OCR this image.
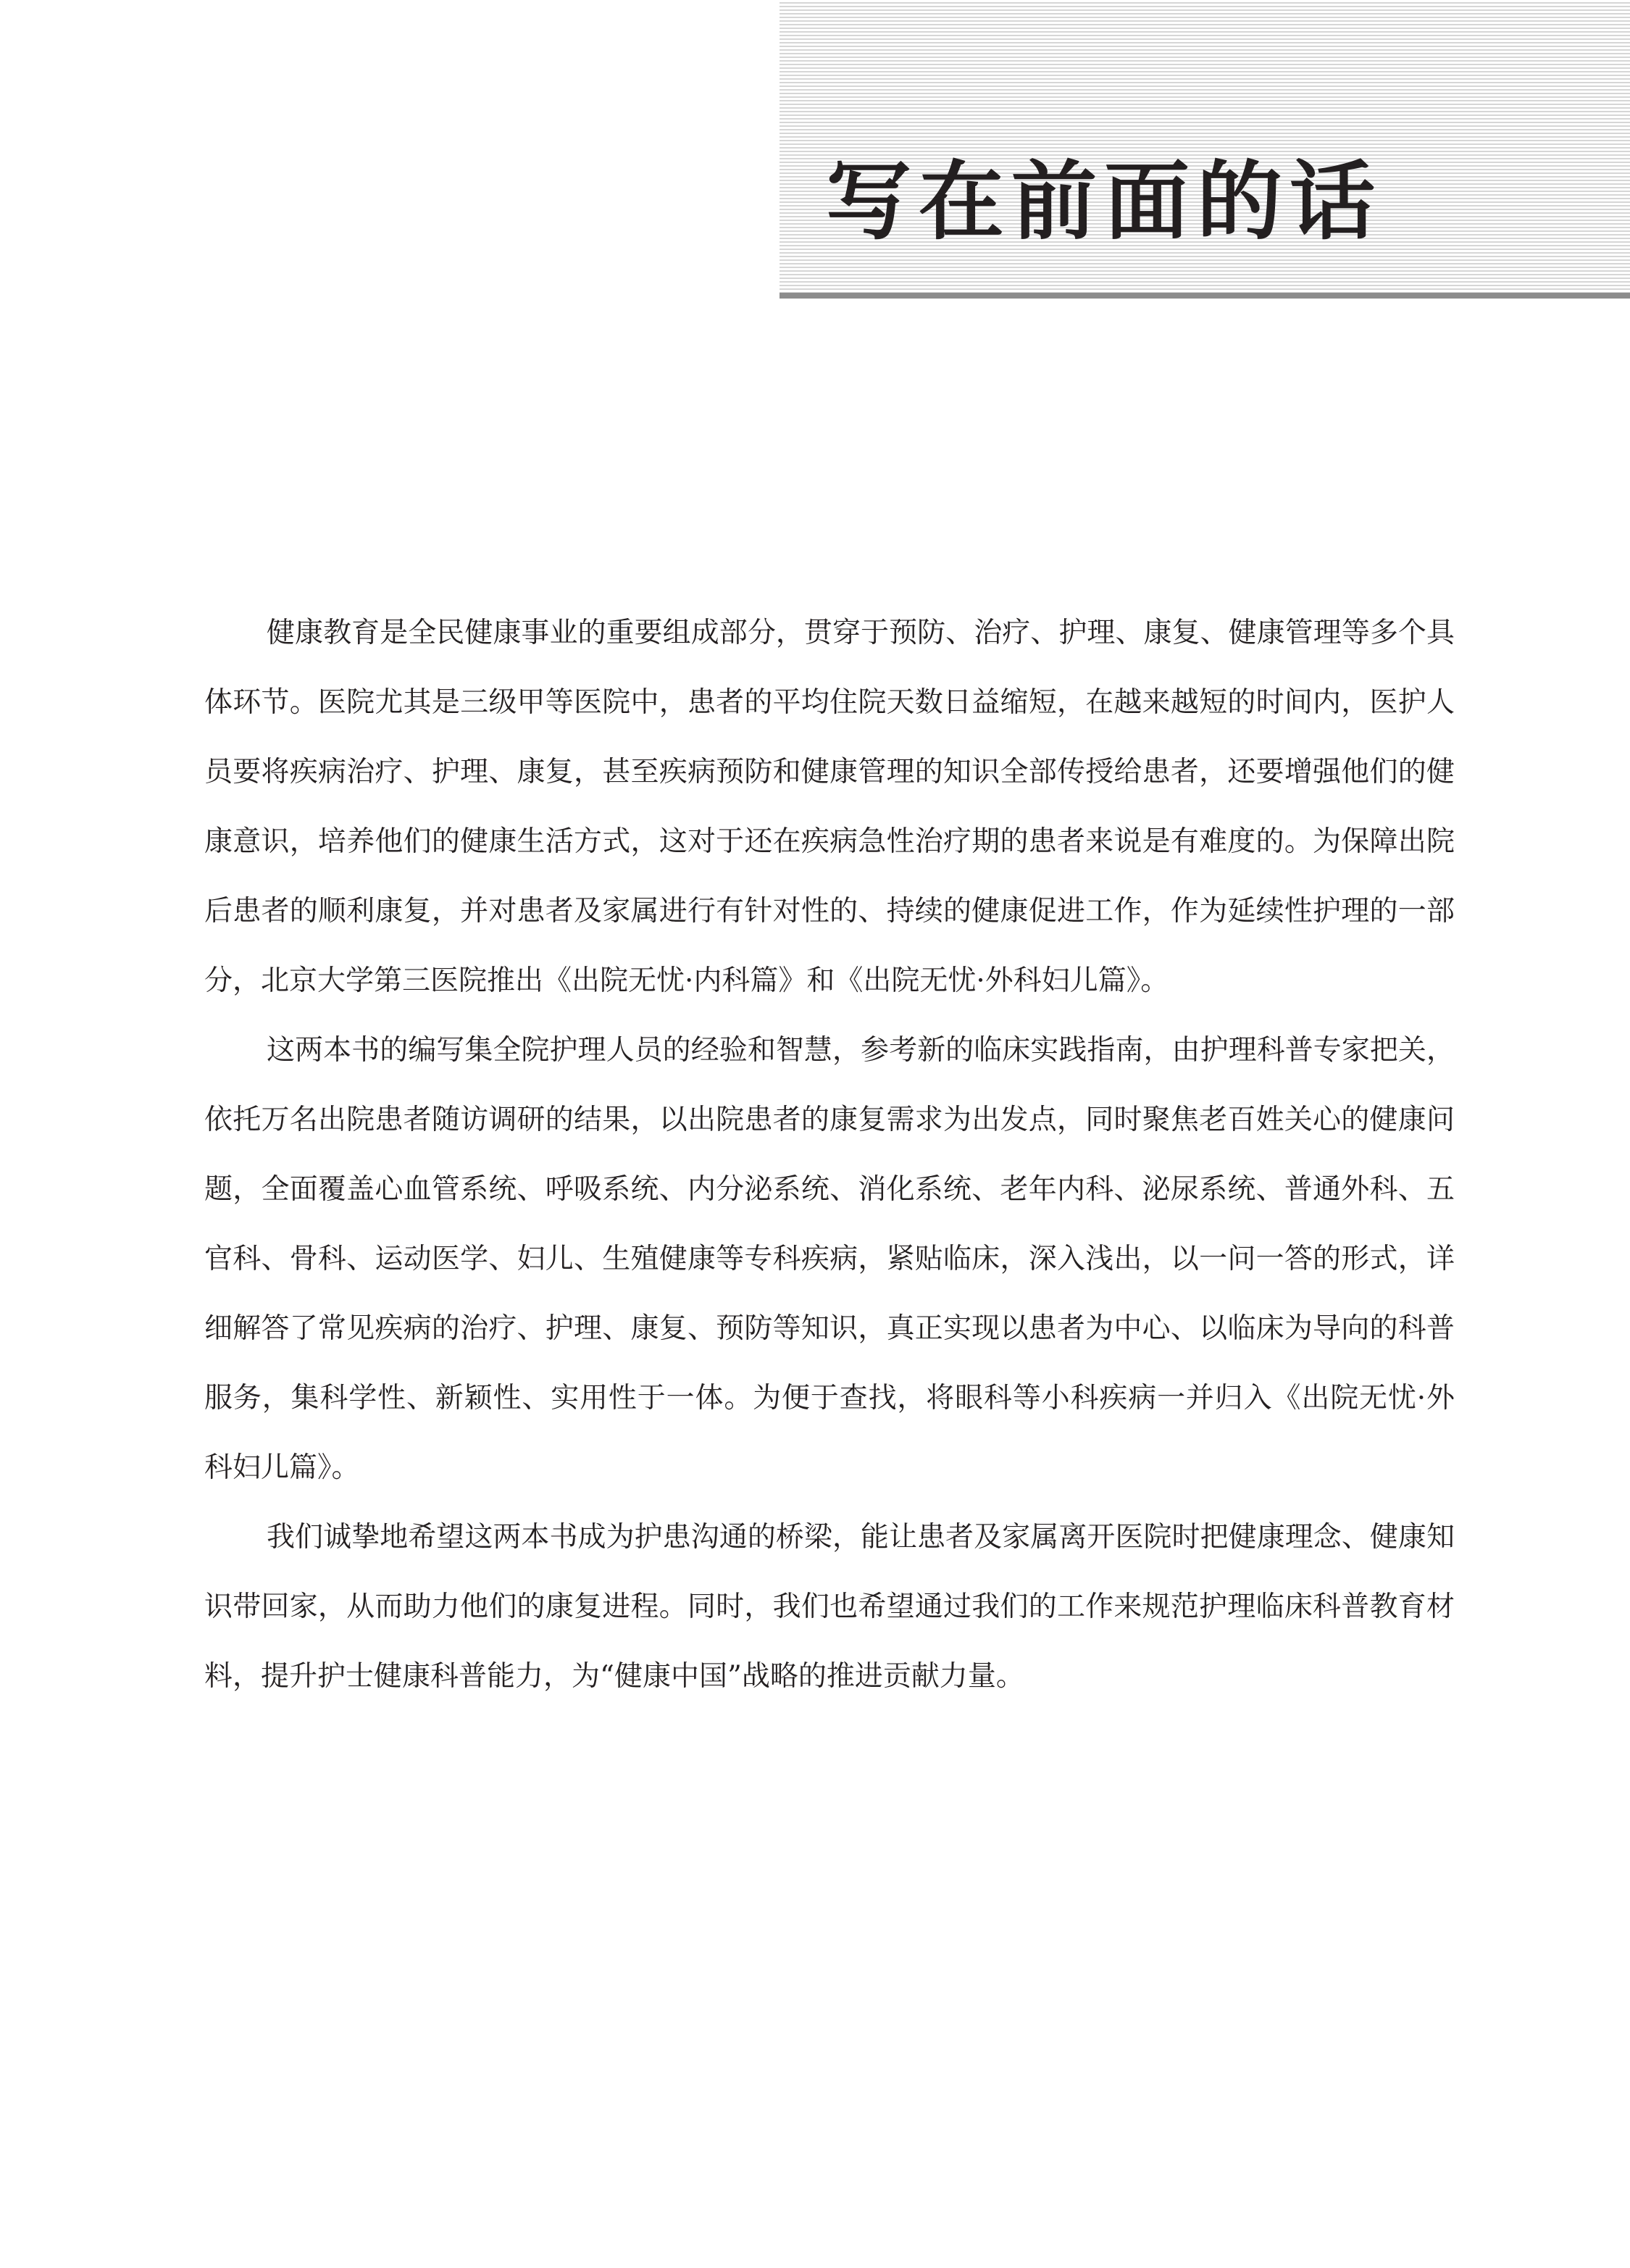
写在前面的话

健康教育是全民健康事业的重要组成部分，贯穿于预防、治疗、护理、康复、健康管理等多个具体环节。医院尤其是三级甲等医院中，患者的平均住院天数日益缩短，在越来越短的时间内，医护人员要将疾病治疗、护理、康复，甚至疾病预防和健康管理的知识全部传授给患者，还要增强他们的健康意识，培养他们的健康生活方式，这对于还在疾病急性治疗期的患者来说是有难度的。为保障出院后患者的顺利康复，并对患者及家属进行有针对性的、持续的健康促进工作，作为延续性护理的一部分，北京大学第三医院推出《出院无忧·内科篇》和《出院无忧·外科妇儿篇》。

这两本书的编写集全院护理人员的经验和智慧，参考新的临床实践指南，由护理科普专家把关，依托万名出院患者随访调研的结果，以出院患者的康复需求为出发点，同时聚焦老百姓关心的健康问题，全面覆盖心血管系统、呼吸系统、内分泌系统、消化系统、老年内科、泌尿系统、普通外科、五官科、骨科、运动医学、妇儿、生殖健康等专科疾病，紧贴临床，深入浅出，以一问一答的形式，详细解答了常见疾病的治疗、护理、康复、预防等知识，真正实现以患者为中心、以临床为导向的科普服务，集科学性、新颖性、实用性于一体。为便于查找，将眼科等小科疾病一并归入《出院无忧·外科妇儿篇》。

我们诚挚地希望这两本书成为护患沟通的桥梁，能让患者及家属离开医院时把健康理念、健康知识带回家，从而助力他们的康复进程。同时，我们也希望通过我们的工作来规范护理临床科普教育材料，提升护士健康科普能力，为“健康中国”战略的推进贡献力量。
